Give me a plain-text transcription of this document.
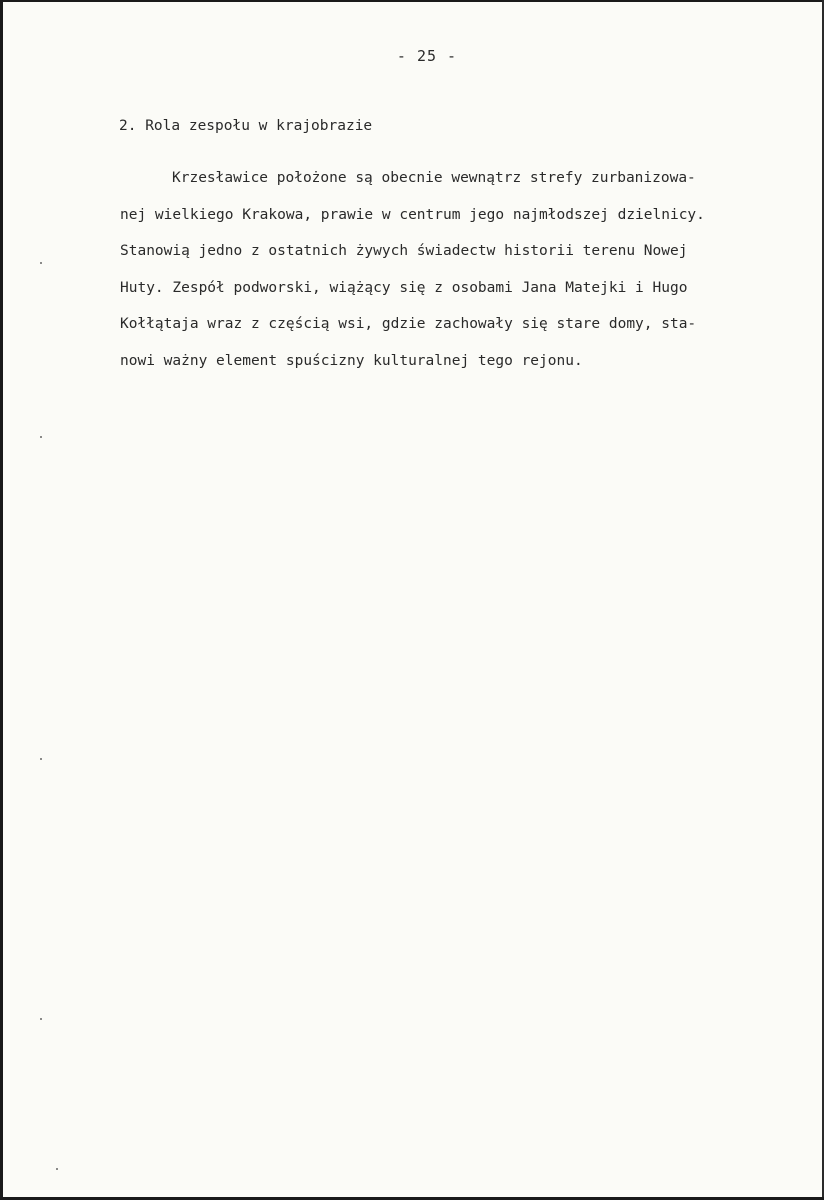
- 25 -
2. Rola zespołu w krajobrazie
Krzesławice położone są obecnie wewnątrz strefy zurbanizowa-
nej wielkiego Krakowa, prawie w centrum jego najmłodszej dzielnicy.
Stanowią jedno z ostatnich żywych świadectw historii terenu Nowej
Huty. Zespół podworski, wiążący się z osobami Jana Matejki i Hugo
Kołłątaja wraz z częścią wsi, gdzie zachowały się stare domy, sta-
nowi ważny element spuścizny kulturalnej tego rejonu.
